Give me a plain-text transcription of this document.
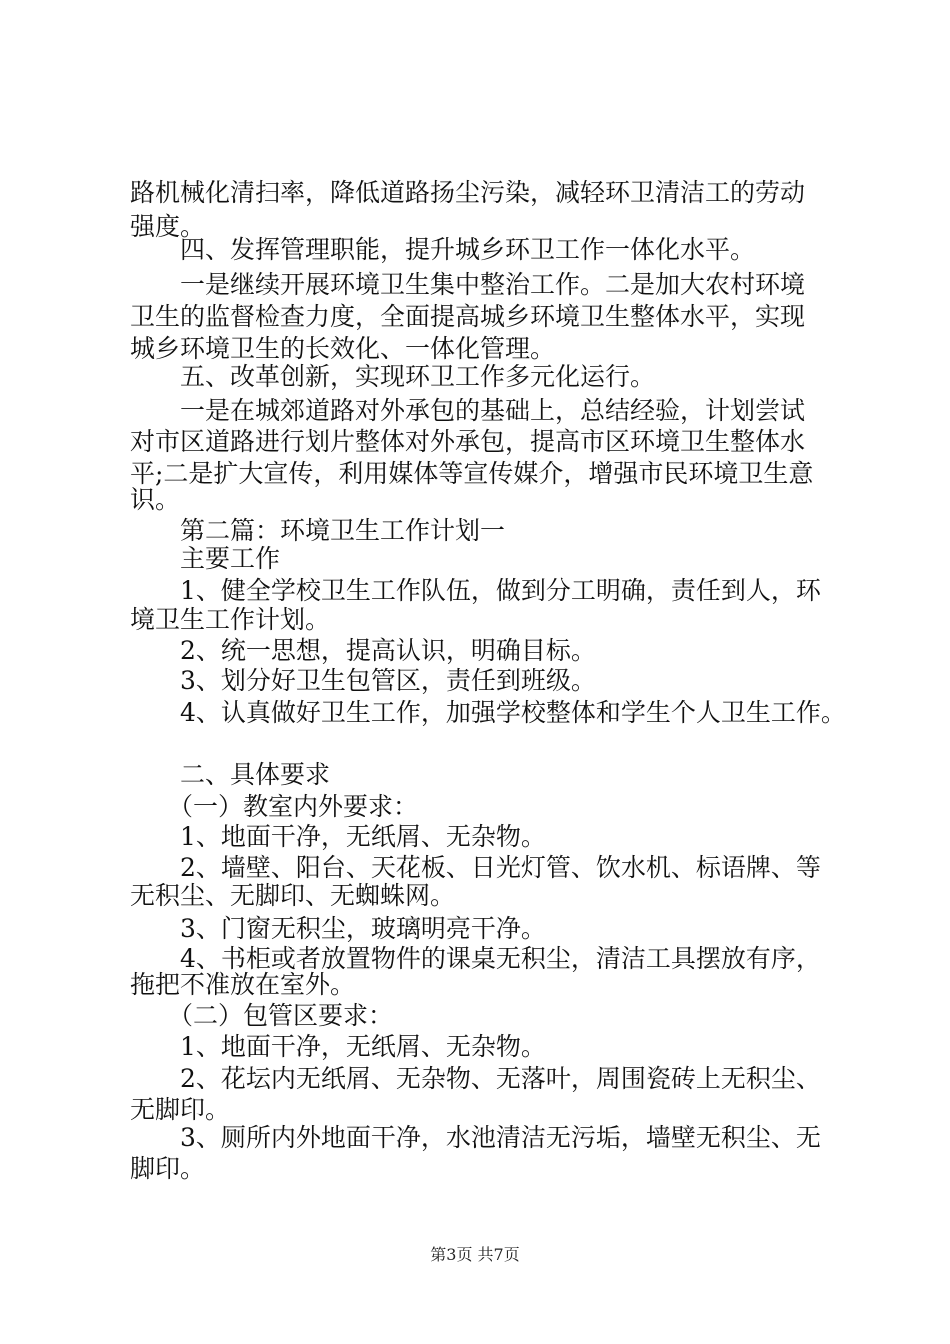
路机械化清扫率，降低道路扬尘污染，减轻环卫清洁工的劳动

强度。

四、发挥管理职能，提升城乡环卫工作一体化水平。

一是继续开展环境卫生集中整治工作。二是加大农村环境

卫生的监督检查力度，全面提高城乡环境卫生整体水平，实现

城乡环境卫生的长效化、一体化管理。

五、改革创新，实现环卫工作多元化运行。

一是在城郊道路对外承包的基础上，总结经验，计划尝试

对市区道路进行划片整体对外承包，提高市区环境卫生整体水

平;二是扩大宣传，利用媒体等宣传媒介，增强市民环境卫生意

识。

第二篇：环境卫生工作计划一

主要工作

1、健全学校卫生工作队伍，做到分工明确，责任到人，环

境卫生工作计划。

2、统一思想，提高认识，明确目标。

3、划分好卫生包管区，责任到班级。

4、认真做好卫生工作，加强学校整体和学生个人卫生工作。

二、具体要求

（一）教室内外要求：

1、地面干净，无纸屑、无杂物。

2、墙壁、阳台、天花板、日光灯管、饮水机、标语牌、等

无积尘、无脚印、无蜘蛛网。

3、门窗无积尘，玻璃明亮干净。

4、书柜或者放置物件的课桌无积尘，清洁工具摆放有序，

拖把不准放在室外。

（二）包管区要求：

1、地面干净，无纸屑、无杂物。

2、花坛内无纸屑、无杂物、无落叶，周围瓷砖上无积尘、

无脚印。

3、厕所内外地面干净，水池清洁无污垢，墙壁无积尘、无

脚印。

第3页 共7页
